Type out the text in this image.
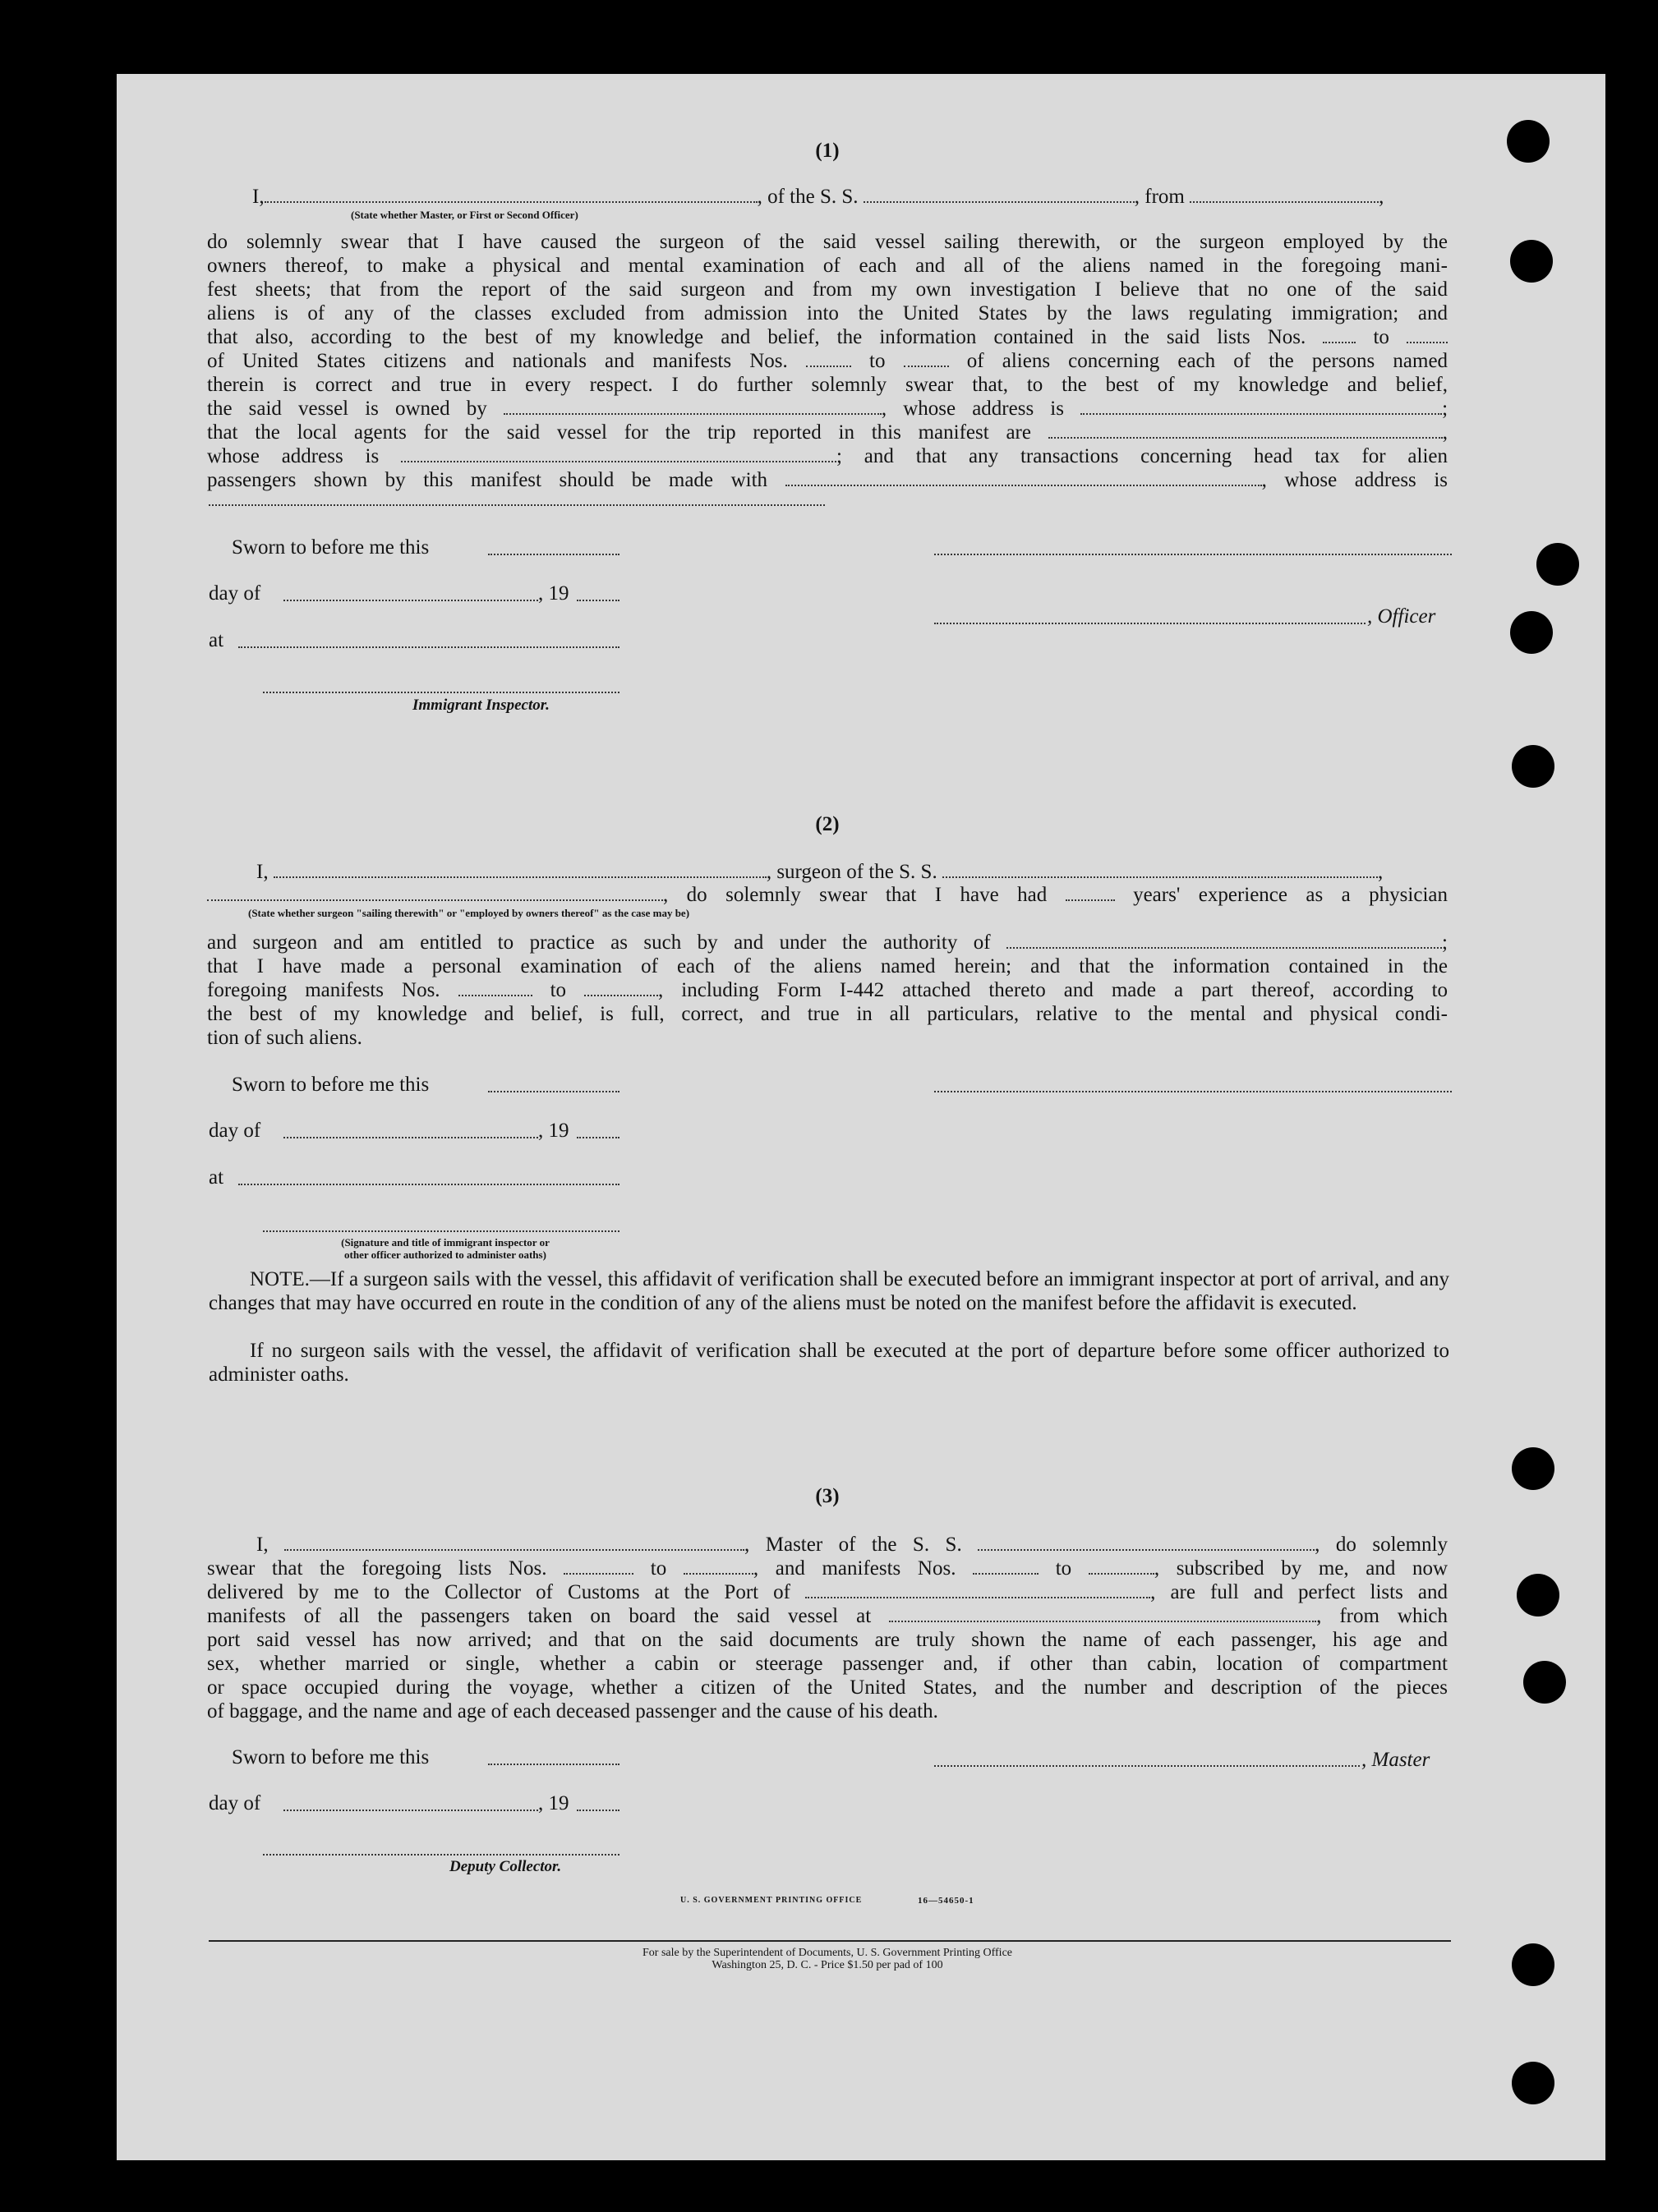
(1)
I,	, of the S. S.	, from	,
(State whether Master, or First or Second Officer)
do solemnly swear that I have caused the surgeon of the said vessel sailing therewith, or the surgeon employed by the
owners thereof, to make a physical and mental examination of each and all of the aliens named in the foregoing mani-
fest sheets; that from the report of the said surgeon and from my own investigation I believe that no one of the said
aliens is of any of the classes excluded from admission into the United States by the laws regulating immigration; and
that also, according to the best of my knowledge and belief, the information contained in the said lists Nos.	to
of United States citizens and nationals and manifests Nos.	to	of aliens concerning each of the persons named
therein is correct and true in every respect. I do further solemnly swear that, to the best of my knowledge and belief,
the said vessel is owned by	, whose address is	;
that the local agents for the said vessel for the trip reported in this manifest are	,
whose address is	; and that any transactions concerning head tax for alien
passengers shown by this manifest should be made with	, whose address is
Sworn to before me this
day of	, 19
, Officer
at
Immigrant Inspector.
(2)
I,	, surgeon of the S. S.	,
, do solemnly swear that I have had	years' experience as a physician
(State whether surgeon "sailing therewith" or "employed by owners thereof" as the case may be)
and surgeon and am entitled to practice as such by and under the authority of	;
that I have made a personal examination of each of the aliens named herein; and that the information contained in the
foregoing manifests Nos.	to	, including Form I-442 attached thereto and made a part thereof, according to
the best of my knowledge and belief, is full, correct, and true in all particulars, relative to the mental and physical condi-
tion of such aliens.
Sworn to before me this
day of	, 19
at
(Signature and title of immigrant inspector or
other officer authorized to administer oaths)
NOTE.—If a surgeon sails with the vessel, this affidavit of verification shall be executed before an immigrant inspector at port of arrival, and any changes that may have occurred en route in the condition of any of the aliens must be noted on the manifest before the affidavit is executed.
If no surgeon sails with the vessel, the affidavit of verification shall be executed at the port of departure before some officer authorized to administer oaths.
(3)
I,	, Master of the S. S.	, do solemnly
swear that the foregoing lists Nos.	to	, and manifests Nos.	to	, subscribed by me, and now
delivered by me to the Collector of Customs at the Port of	, are full and perfect lists and
manifests of all the passengers taken on board the said vessel at	, from which
port said vessel has now arrived; and that on the said documents are truly shown the name of each passenger, his age and
sex, whether married or single, whether a cabin or steerage passenger and, if other than cabin, location of compartment
or space occupied during the voyage, whether a citizen of the United States, and the number and description of the pieces
of baggage, and the name and age of each deceased passenger and the cause of his death.
Sworn to before me this	, Master
day of	, 19
Deputy Collector.
U. S. GOVERNMENT PRINTING OFFICE	16—54650-1
For sale by the Superintendent of Documents, U. S. Government Printing Office
Washington 25, D. C. - Price $1.50 per pad of 100
